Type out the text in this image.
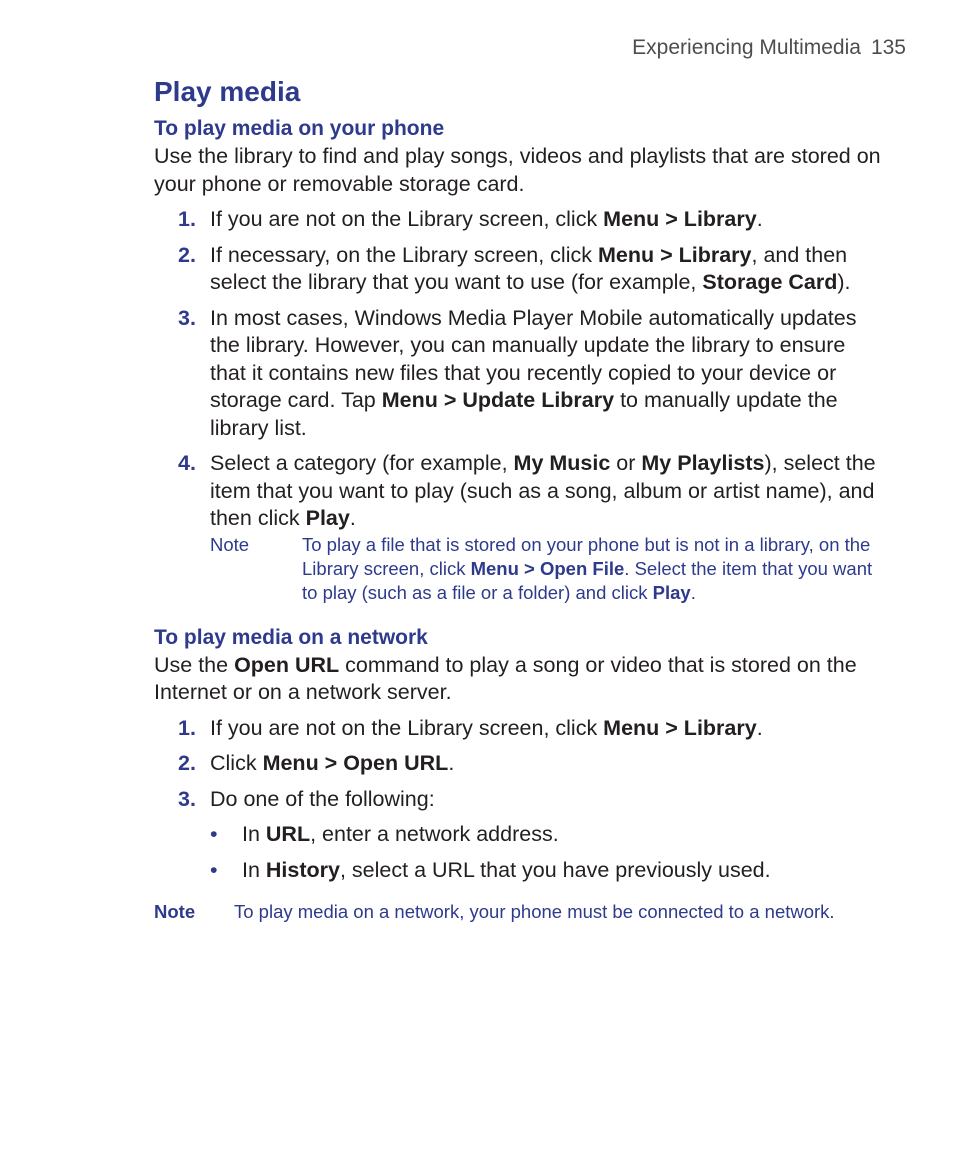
Experiencing Multimedia 135
Play media
To play media on your phone

Use the library to find and play songs, videos and playlists that are stored on your phone or removable storage card.

1. If you are not on the Library screen, click Menu > Library.
2. If necessary, on the Library screen, click Menu > Library, and then select the library that you want to use (for example, Storage Card).
3. In most cases, Windows Media Player Mobile automatically updates the library. However, you can manually update the library to ensure that it contains new files that you recently copied to your device or storage card. Tap Menu > Update Library to manually update the library list.
4. Select a category (for example, My Music or My Playlists), select the item that you want to play (such as a song, album or artist name), and then click Play.
Note	To play a file that is stored on your phone but is not in a library, on the Library screen, click Menu > Open File. Select the item that you want to play (such as a file or a folder) and click Play.
To play media on a network

Use the Open URL command to play a song or video that is stored on the Internet or on a network server.

1. If you are not on the Library screen, click Menu > Library.
2. Click Menu > Open URL.
3. Do one of the following:
• In URL, enter a network address.
• In History, select a URL that you have previously used.
Note To play media on a network, your phone must be connected to a network.
